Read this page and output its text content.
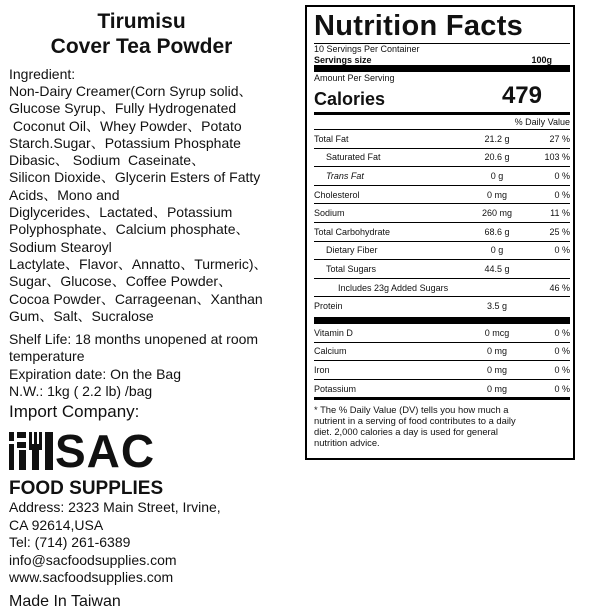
Tirumisu
Cover Tea Powder
Ingredient:
Non-Dairy Creamer(Corn Syrup solid、
Glucose Syrup、Fully Hydrogenated
Coconut Oil、Whey Powder、Potato
Starch.Sugar、Potassium Phosphate
Dibasic、 Sodium  Caseinate、
Silicon Dioxide、Glycerin Esters of Fatty
Acids、Mono and
Diglycerides、Lactated、Potassium
Polyphosphate、Calcium phosphate、
Sodium Stearoyl
Lactylate、Flavor、Annatto、Turmeric)、
Sugar、Glucose、Coffee Powder、
Cocoa Powder、Carrageenan、Xanthan
Gum、Salt、Sucralose
Shelf Life: 18 months unopened at room
temperature
Expiration date: On the Bag
N.W.: 1kg ( 2.2 lb) /bag
Import Company:
SAC
FOOD SUPPLIES
Address: 2323 Main Street, Irvine,
CA 92614,USA
Tel: (714) 261-6389
info@sacfoodsupplies.com
www.sacfoodsupplies.com
Made In Taiwan
Nutrition Facts
10 Servings Per Container
Servings size	100g
Amount Per Serving
Calories	479
% Daily Value
Total Fat	21.2 g	27 %
Saturated Fat	20.6 g	103 %
Trans Fat	0 g	0 %
Cholesterol	0 mg	0 %
Sodium	260 mg	11 %
Total Carbohydrate	68.6 g	25 %
Dietary Fiber	0 g	0 %
Total Sugars	44.5 g
Includes 23g Added Sugars	46 %
Protein	3.5 g
Vitamin D	0 mcg	0 %
Calcium	0 mg	0 %
Iron	0 mg	0 %
Potassium	0 mg	0 %
* The % Daily Value (DV) tells you how much a
nutrient in a serving of food contributes to a daily
diet. 2,000 calories a day is used for general
nutrition advice.
